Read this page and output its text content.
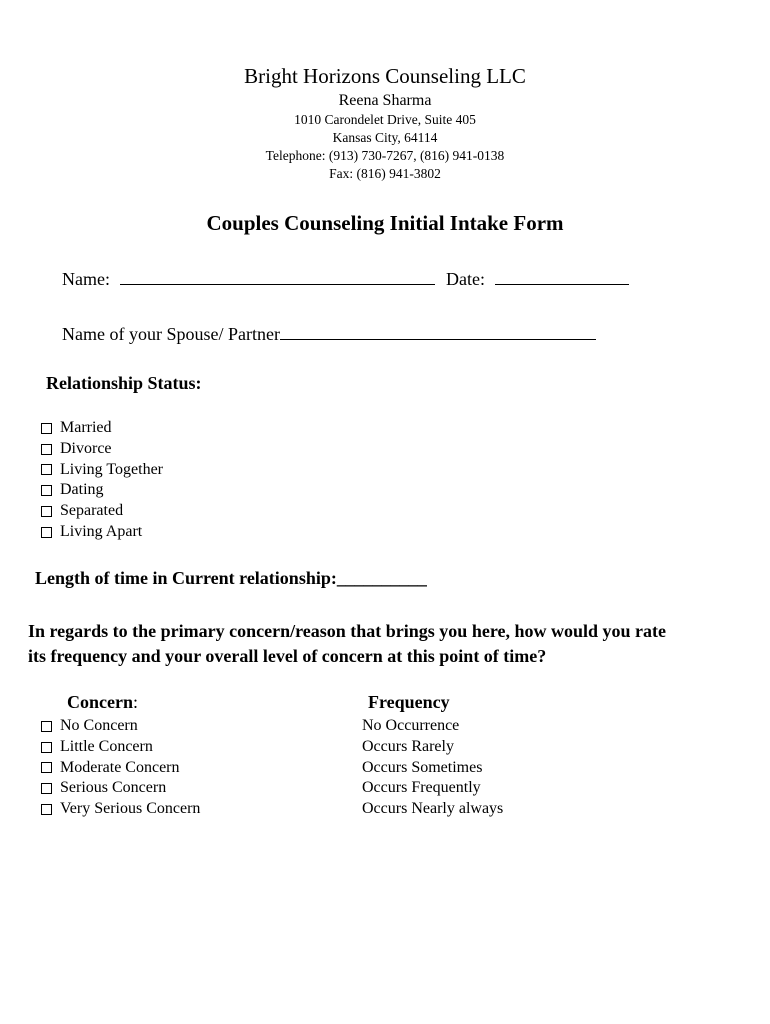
Bright Horizons Counseling LLC
Reena Sharma
1010 Carondelet Drive, Suite 405
Kansas City, 64114
Telephone: (913) 730-7267, (816) 941-0138
Fax: (816) 941-3802
Couples Counseling Initial Intake Form
Name:	Date:
Name of your Spouse/ Partner
Relationship Status:
Married
Divorce
Living Together
Dating
Separated
Living Apart
Length of time in Current relationship:__________
In regards to the primary concern/reason that brings you here, how would you rate
its frequency and your overall level of concern at this point of time?
Concern:
No Concern
Little Concern
Moderate Concern
Serious Concern
Very Serious Concern
Frequency
No Occurrence
Occurs Rarely
Occurs Sometimes
Occurs Frequently
Occurs Nearly always
